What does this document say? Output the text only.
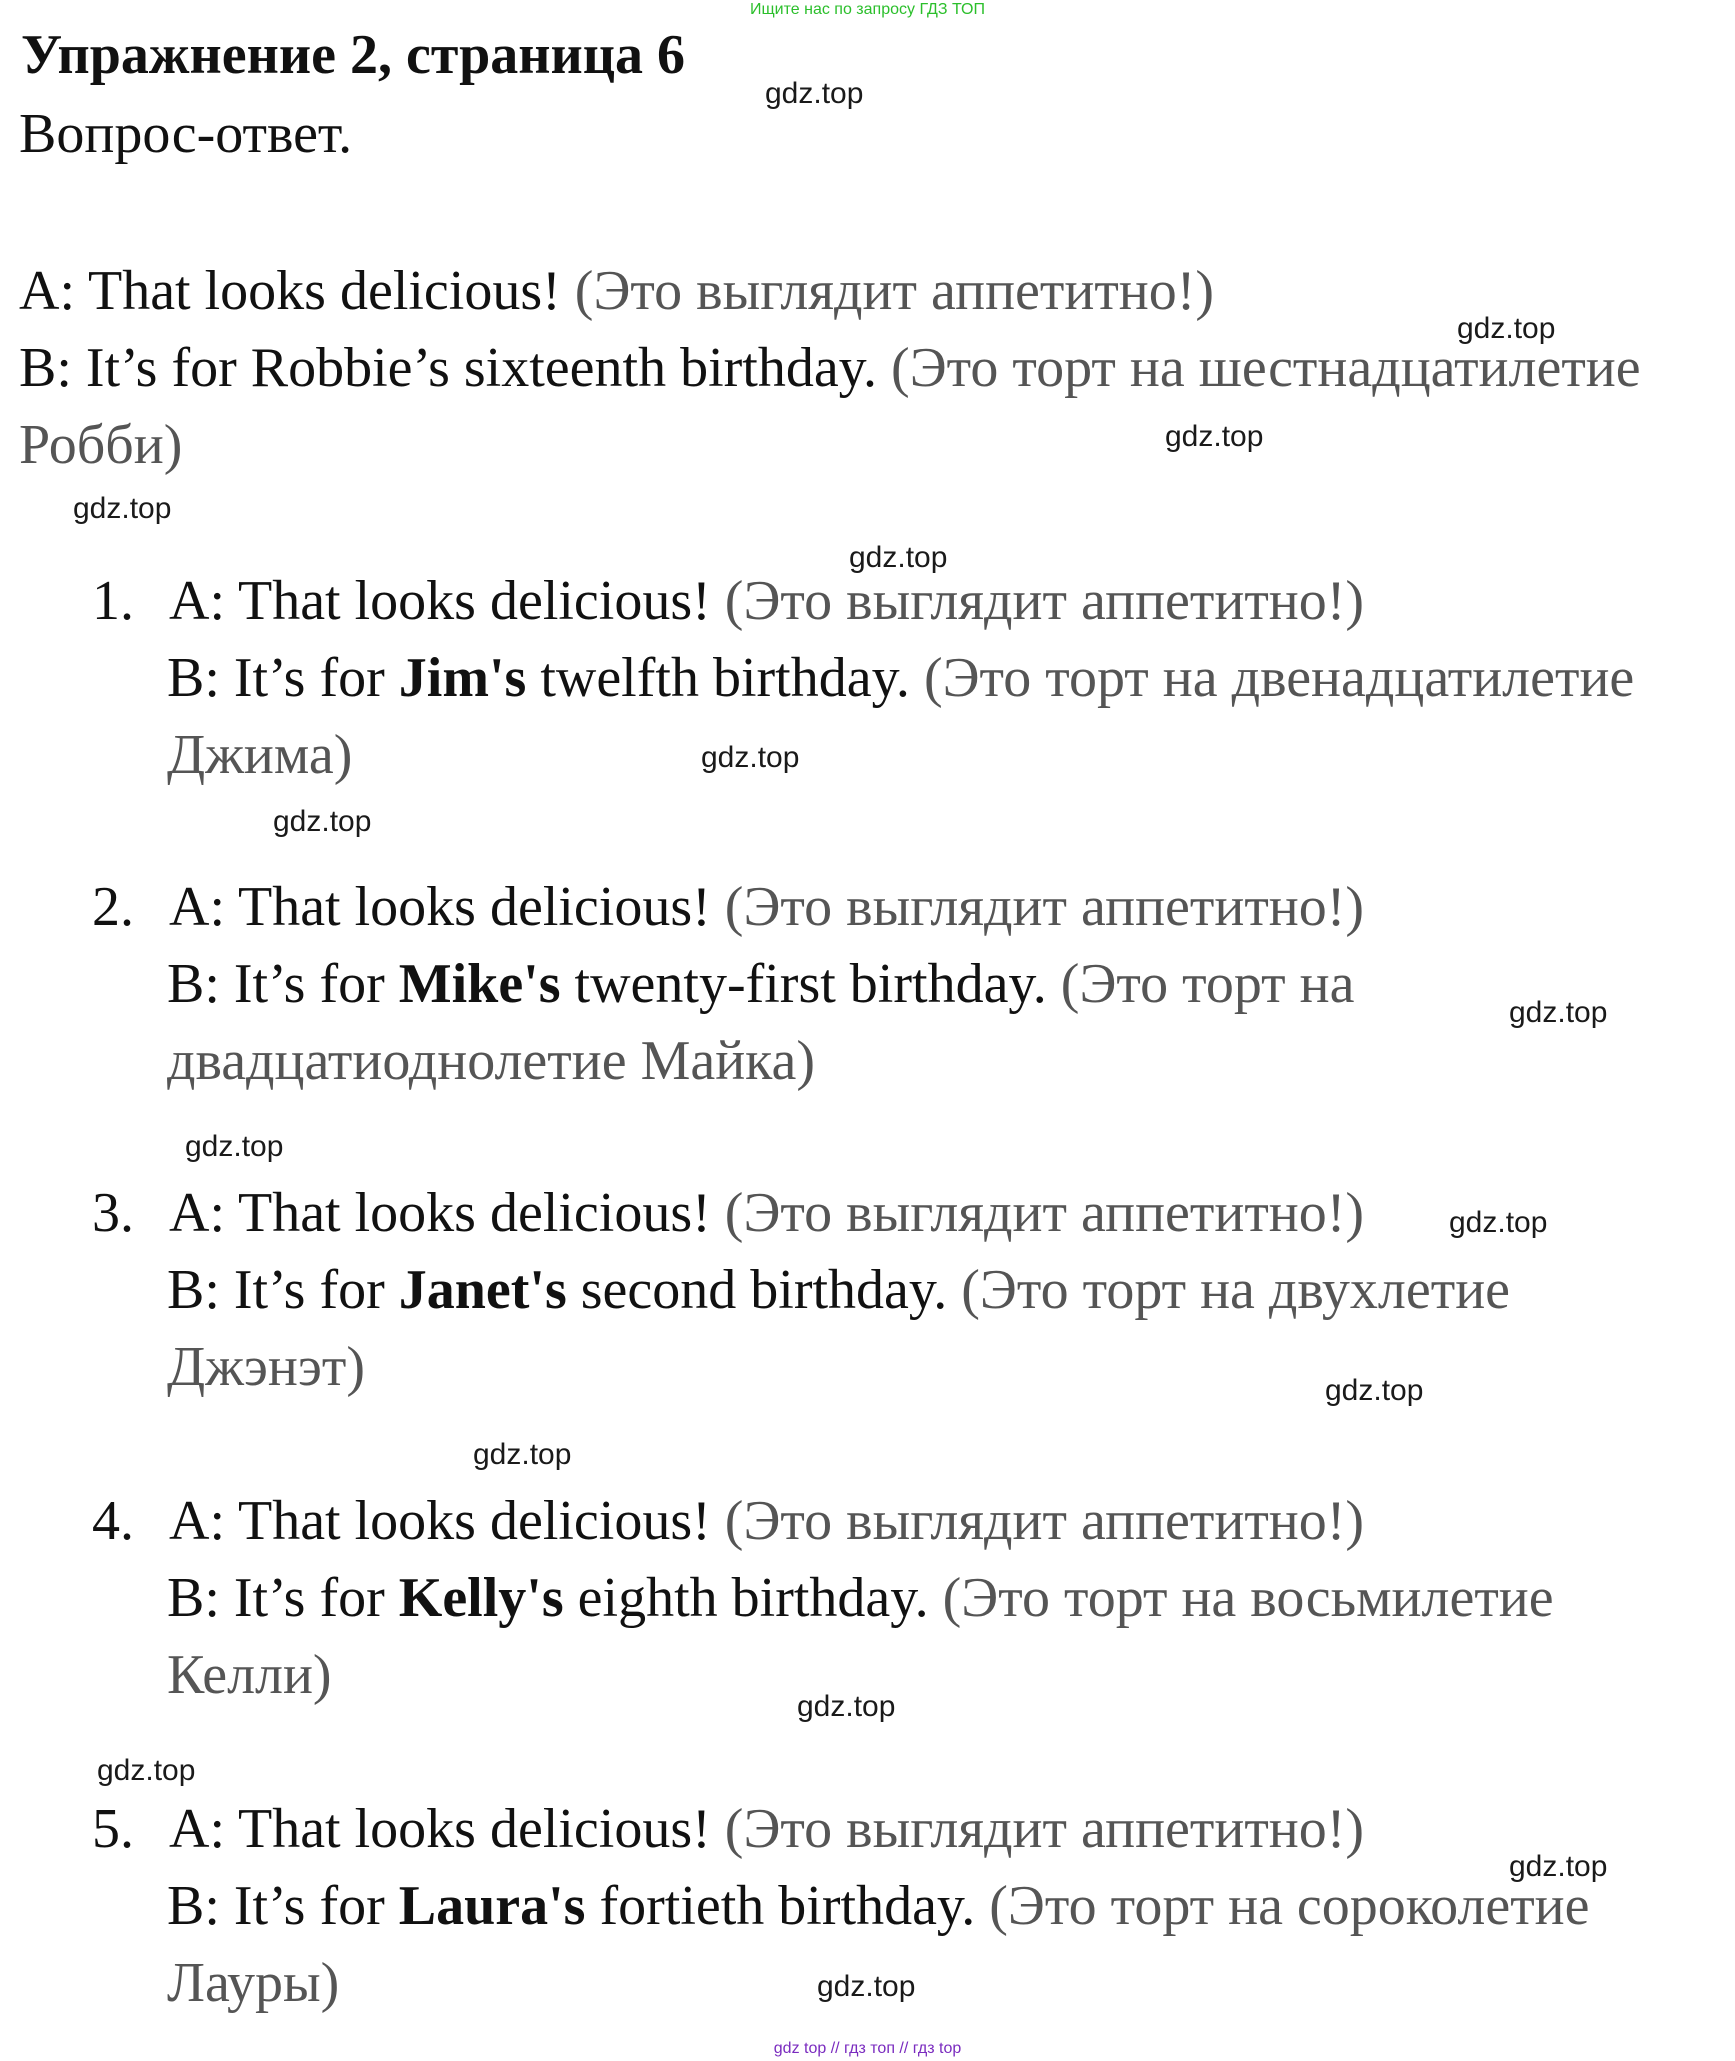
Ищите нас по запросу ГДЗ ТОП
Упражнение 2, страница 6
Вопрос-ответ.
A: That looks delicious! (Это выглядит аппетитно!)
B: It’s for Robbie’s sixteenth birthday. (Это торт на шестнадцатилетие
Робби)
1. A: That looks delicious! (Это выглядит аппетитно!)
B: It’s for Jim's twelfth birthday. (Это торт на двенадцатилетие Джима)
2. A: That looks delicious! (Это выглядит аппетитно!)
B: It’s for Mike's twenty-first birthday. (Это торт на двадцатиоднолетие Майка)
3. A: That looks delicious! (Это выглядит аппетитно!)
B: It’s for Janet's second birthday. (Это торт на двухлетие Джэнэт)
4. A: That looks delicious! (Это выглядит аппетитно!)
B: It’s for Kelly's eighth birthday. (Это торт на восьмилетие Келли)
5. A: That looks delicious! (Это выглядит аппетитно!)
B: It’s for Laura's fortieth birthday. (Это торт на сороколетие Лауры)
gdz.top
gdz.top
gdz.top
gdz.top
gdz.top
gdz.top
gdz.top
gdz.top
gdz.top
gdz.top
gdz.top
gdz.top
gdz.top
gdz.top
gdz.top
gdz.top
gdz top // гдз топ // гдз top
